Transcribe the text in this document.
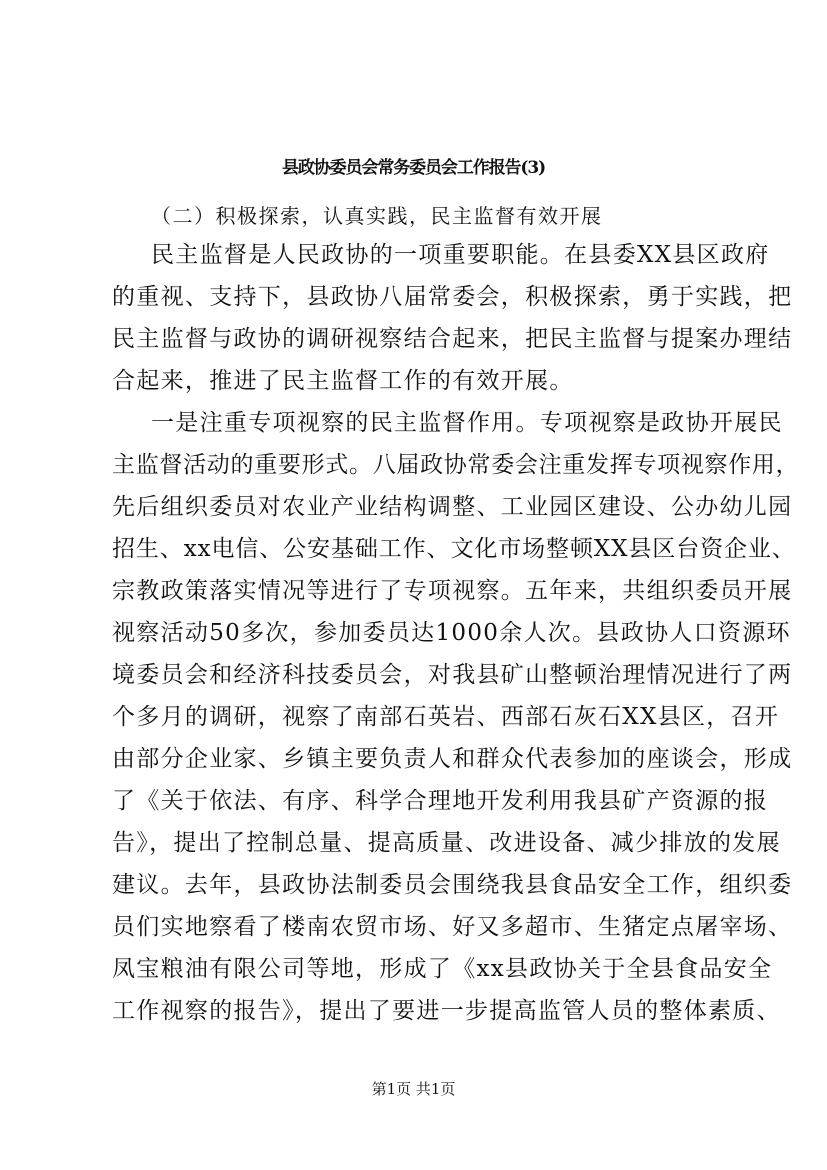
县政协委员会常务委员会工作报告(3)
（二）积极探索，认真实践，民主监督有效开展
民主监督是人民政协的一项重要职能。在县委XX县区政府
的重视、支持下，县政协八届常委会，积极探索，勇于实践，把
民主监督与政协的调研视察结合起来，把民主监督与提案办理结
合起来，推进了民主监督工作的有效开展。
一是注重专项视察的民主监督作用。专项视察是政协开展民
主监督活动的重要形式。八届政协常委会注重发挥专项视察作用，
先后组织委员对农业产业结构调整、工业园区建设、公办幼儿园
招生、xx电信、公安基础工作、文化市场整顿XX县区台资企业、
宗教政策落实情况等进行了专项视察。五年来，共组织委员开展
视察活动50多次，参加委员达1000余人次。县政协人口资源环
境委员会和经济科技委员会，对我县矿山整顿治理情况进行了两
个多月的调研，视察了南部石英岩、西部石灰石XX县区，召开
由部分企业家、乡镇主要负责人和群众代表参加的座谈会，形成
了《关于依法、有序、科学合理地开发利用我县矿产资源的报
告》，提出了控制总量、提高质量、改进设备、减少排放的发展
建议。去年，县政协法制委员会围绕我县食品安全工作，组织委
员们实地察看了楼南农贸市场、好又多超市、生猪定点屠宰场、
凤宝粮油有限公司等地，形成了《xx县政协关于全县食品安全
工作视察的报告》，提出了要进一步提高监管人员的整体素质、
第1页 共1页
